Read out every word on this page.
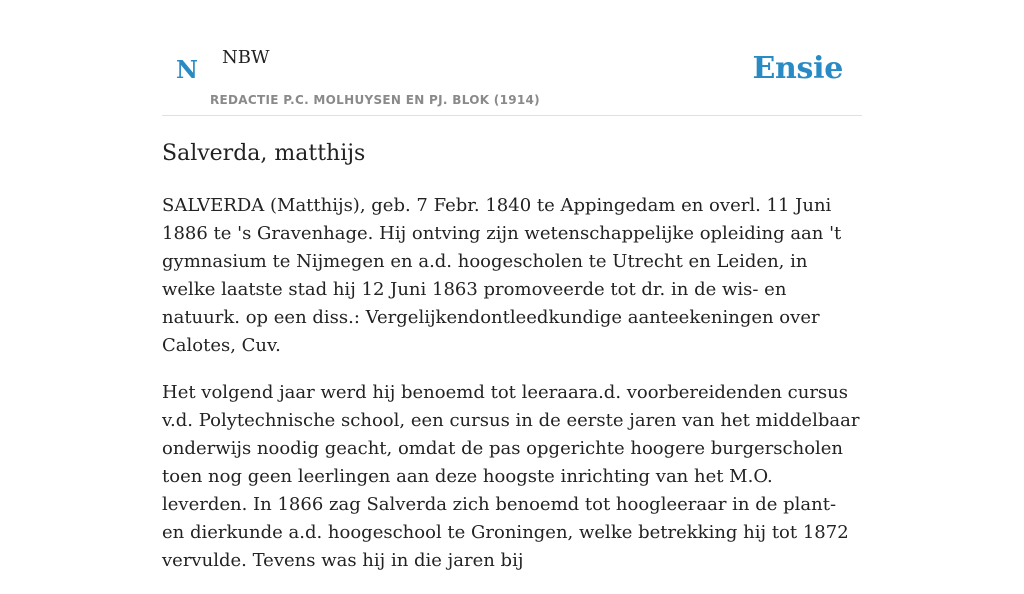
N NBW
REDACTIE P.C. MOLHUYSEN EN PJ. BLOK (1914)
Ensie
Salverda, matthijs

SALVERDA (Matthijs), geb. 7 Febr. 1840 te Appingedam en overl. 11 Juni 1886 te 's Gravenhage. Hij ontving zijn wetenschappelijke opleiding aan 't gymnasium te Nijmegen en a.d. hoogescholen te Utrecht en Leiden, in welke laatste stad hij 12 Juni 1863 promoveerde tot dr. in de wis- en natuurk. op een diss.: Vergelijkendontleedkundige aanteekeningen over Calotes, Cuv.

Het volgend jaar werd hij benoemd tot leeraara.d. voorbereidenden cursus v.d. Polytechnische school, een cursus in de eerste jaren van het middelbaar onderwijs noodig geacht, omdat de pas opgerichte hoogere burgerscholen toen nog geen leerlingen aan deze hoogste inrichting van het M.O. leverden. In 1866 zag Salverda zich benoemd tot hoogleeraar in de plant- en dierkunde a.d. hoogeschool te Groningen, welke betrekking hij tot 1872 vervulde. Tevens was hij in die jaren bij
